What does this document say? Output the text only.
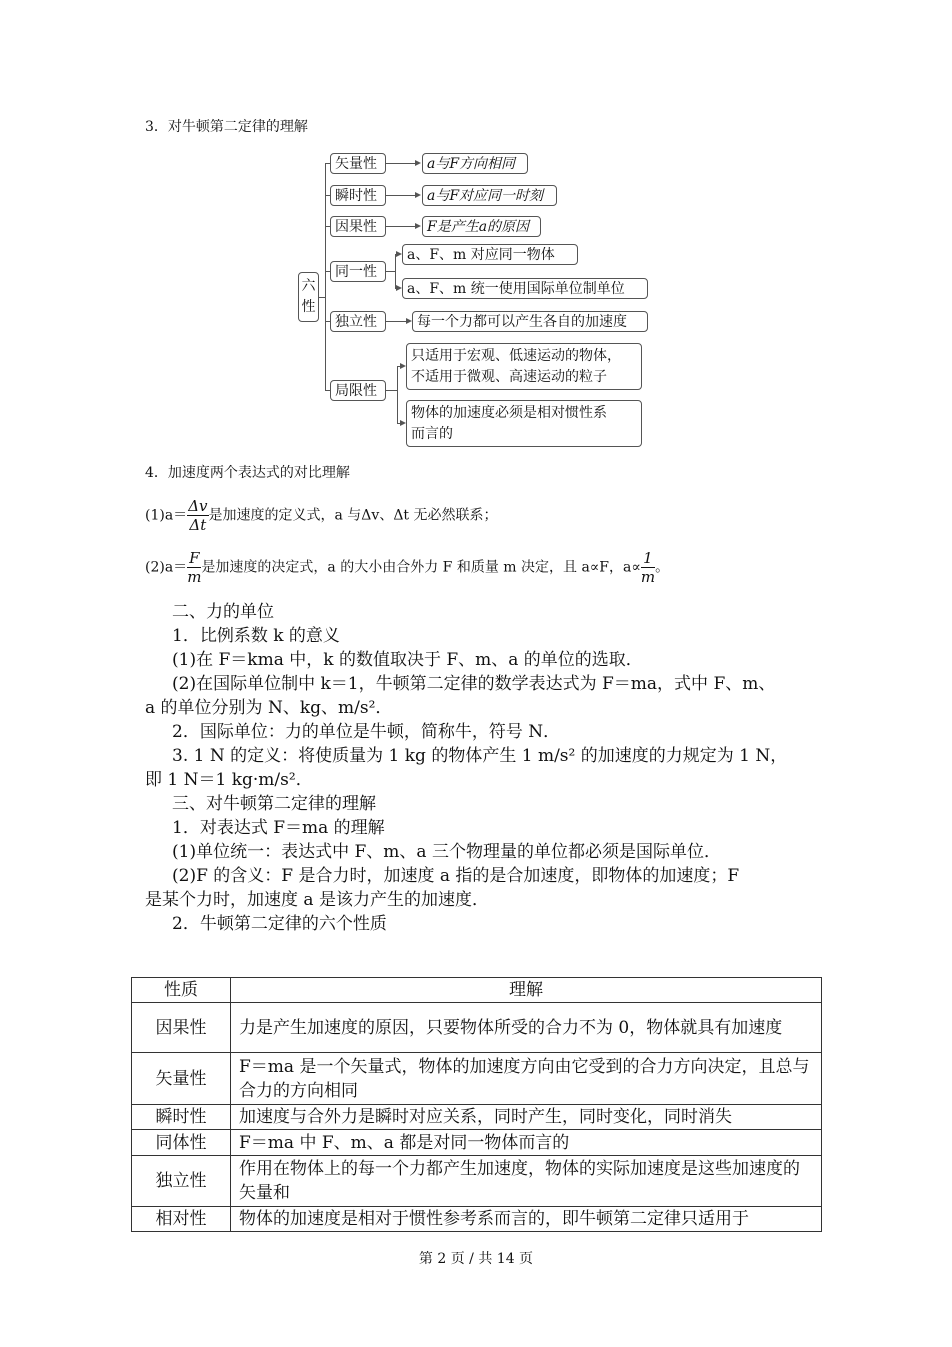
3．对牛顿第二定律的理解
六
性
矢量性
瞬时性
因果性
同一性
独立性
局限性
a与F方向相同
a与F对应同一时刻
F是产生a的原因
a、F、m 对应同一物体
a、F、m 统一使用国际单位制单位
每一个力都可以产生各自的加速度
只适用于宏观、低速运动的物体，
不适用于微观、高速运动的粒子
物体的加速度必须是相对惯性系
而言的
4．加速度两个表达式的对比理解
$(1)a= \frac{\Delta v}{\Delta t}$ 是加速度的定义式，a 与Δv、Δt 无必然联系；
$(2)a= \frac{F}{m}$ 是加速度的决定式，a 的大小由合外力 F 和质量 m 决定，且 a∝F，$a\propto \frac{1}{m}$ 。
二、力的单位
1．比例系数 k 的意义
(1)在 F＝kma 中，k 的数值取决于 F、m、a 的单位的选取．
(2)在国际单位制中 k＝1，牛顿第二定律的数学表达式为 F＝ma，式中 F、m、
a 的单位分别为 N、kg、m/s²．
2．国际单位：力的单位是牛顿，简称牛，符号 N．
3. 1 N 的定义：将使质量为 1 kg 的物体产生 1 m/s² 的加速度的力规定为 1 N，
即 1 N＝1 kg·m/s²．
三、对牛顿第二定律的理解
1．对表达式 F＝ma 的理解
(1)单位统一：表达式中 F、m、a 三个物理量的单位都必须是国际单位．
(2)F 的含义：F 是合力时，加速度 a 指的是合加速度，即物体的加速度；F
是某个力时，加速度 a 是该力产生的加速度．
2．牛顿第二定律的六个性质
性质	理解
因果性	力是产生加速度的原因，只要物体所受的合力不为 0，物体就具有加速度
矢量性	F＝ma 是一个矢量式，物体的加速度方向由它受到的合力方向决定，且总与合力的方向相同
瞬时性	加速度与合外力是瞬时对应关系，同时产生，同时变化，同时消失
同体性	F＝ma 中 F、m、a 都是对同一物体而言的
独立性	作用在物体上的每一个力都产生加速度，物体的实际加速度是这些加速度的矢量和
相对性	物体的加速度是相对于惯性参考系而言的，即牛顿第二定律只适用于
第 2 页 / 共 14 页
